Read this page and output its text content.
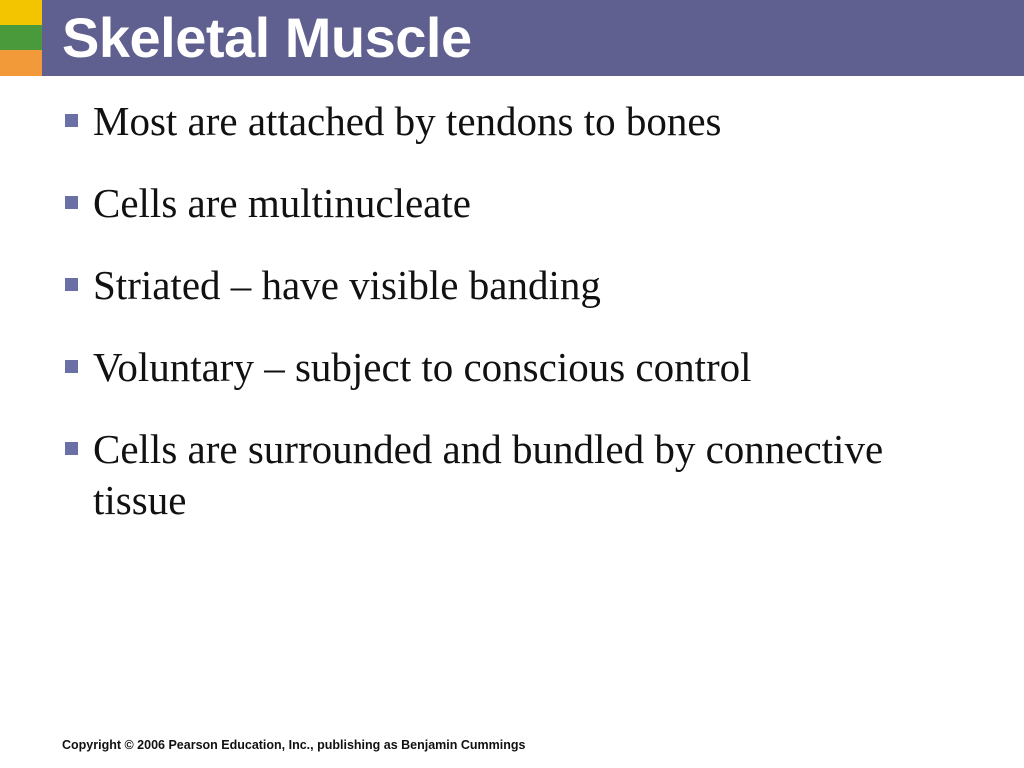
Skeletal Muscle
Most are attached by tendons to bones
Cells are multinucleate
Striated – have visible banding
Voluntary – subject to conscious control
Cells are surrounded and bundled by connective tissue
Copyright © 2006 Pearson Education, Inc., publishing as Benjamin Cummings
